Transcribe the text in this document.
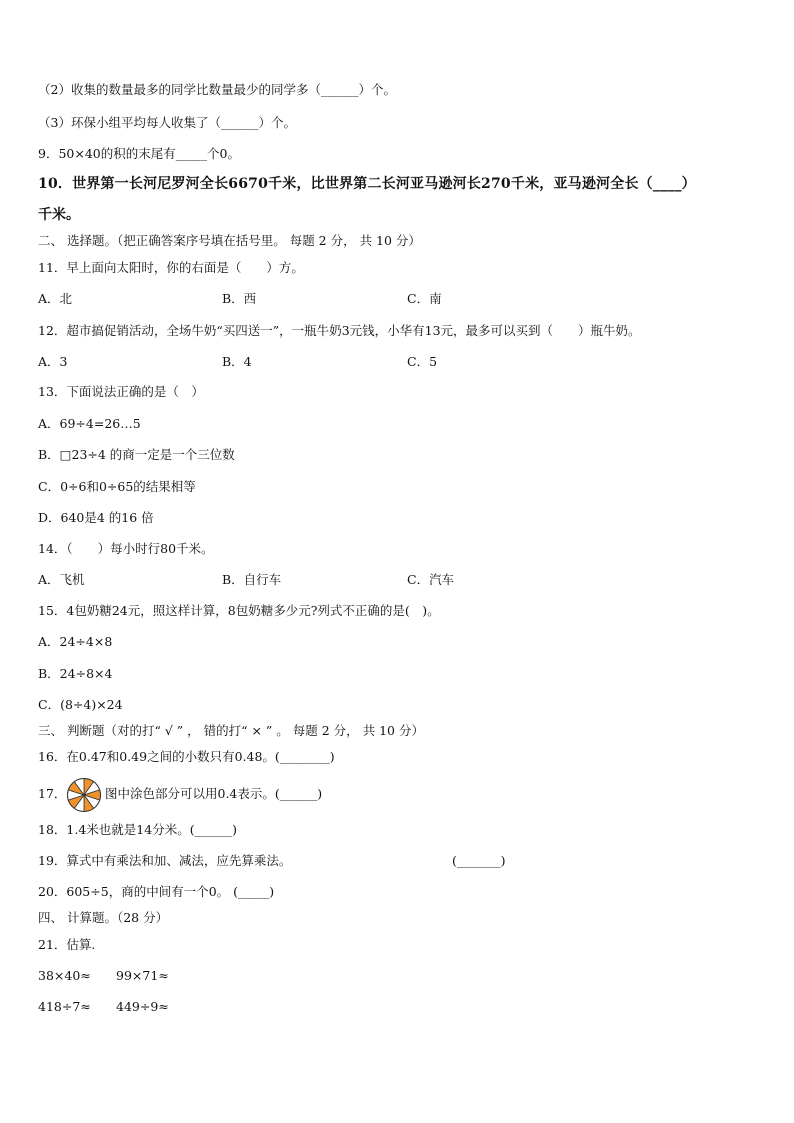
（2）收集的数量最多的同学比数量最少的同学多（______）个。
（3）环保小组平均每人收集了（______）个。
9．50×40的积的末尾有_____个0。
10．世界第一长河尼罗河全长6670千米，比世界第二长河亚马逊河长270千米，亚马逊河全长（____）
千米。
二、 选择题。（把正确答案序号填在括号里。 每题 2 分， 共 10 分）
11．早上面向太阳时，你的右面是（　　）方。
A．北	B．西	C．南
12．超市搞促销活动，全场牛奶“买四送一”，一瓶牛奶3元钱，小华有13元，最多可以买到（　　）瓶牛奶。
A．3	B．4	C．5
13．下面说法正确的是（　）
A．69÷4=26…5
B．□23÷4 的商一定是一个三位数
C．0÷6和0÷65的结果相等
D．640是4 的16 倍
14．（　　）每小时行80千米。
A．飞机	B．自行车	C．汽车
15．4包奶糖24元，照这样计算，8包奶糖多少元?列式不正确的是(　)。
A．24÷4×8
B．24÷8×4
C．(8÷4)×24
三、 判断题（对的打“ √ ” ， 错的打“ × ” 。 每题 2 分， 共 10 分）
16．在0.47和0.49之间的小数只有0.48。(________)
17．	图中涂色部分可以用0.4表示。(______)
18．1.4米也就是14分米。(______)
19．算式中有乘法和加、减法，应先算乘法。	(_______)
20．605÷5，商的中间有一个0。 (_____)
四、 计算题。（28 分）
21．估算.
38×40≈ 99×71≈
418÷7≈ 449÷9≈
